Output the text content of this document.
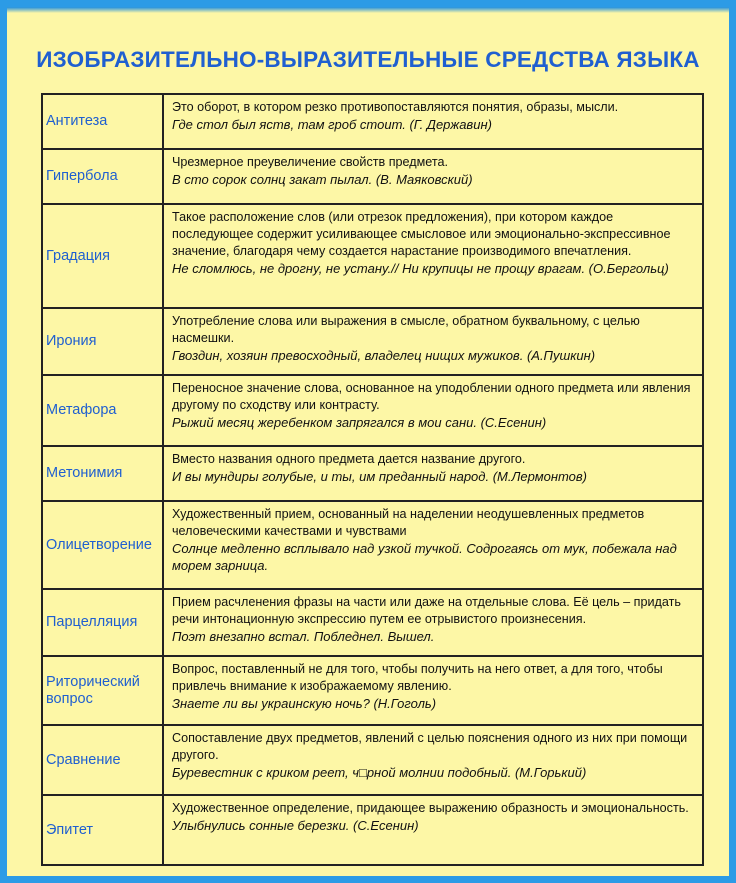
ИЗОБРАЗИТЕЛЬНО-ВЫРАЗИТЕЛЬНЫЕ СРЕДСТВА ЯЗЫКА
Антитеза
Это оборот, в котором резко противопоставляются понятия, образы, мысли.
Где стол был яств, там гроб стоит. (Г. Державин)
Гипербола
Чрезмерное преувеличение свойств предмета.
В сто сорок солнц закат пылал. (В. Маяковский)
Градация
Такое расположение слов (или отрезок предложения), при котором каждое последующее содержит усиливающее смысловое или эмоционально-экспрессивное значение, благодаря чему создается нарастание производимого впечатления.
Не сломлюсь, не дрогну, не устану.// Ни крупицы не прощу врагам. (О.Бергольц)
Ирония
Употребление слова или выражения в смысле, обратном буквальному, с целью насмешки.
Гвоздин, хозяин превосходный, владелец нищих мужиков. (А.Пушкин)
Метафора
Переносное значение слова, основанное на уподоблении одного предмета или явления другому по сходству или контрасту.
Рыжий месяц жеребенком запрягался в мои сани. (С.Есенин)
Метонимия
Вместо названия одного предмета дается название другого.
И вы мундиры голубые, и ты, им преданный народ. (М.Лермонтов)
Олицетворение
Художественный прием, основанный на наделении неодушевленных предметов человеческими качествами и чувствами
Солнце медленно всплывало над узкой тучкой. Содрогаясь от мук, побежала над морем зарница.
Парцелляция
Прием расчленения фразы на части или даже на отдельные слова. Её цель – придать речи интонационную экспрессию путем ее отрывистого произнесения.
Поэт внезапно встал. Побледнел. Вышел.
Риторический вопрос
Вопрос, поставленный не для того, чтобы получить на него ответ, а для того, чтобы привлечь внимание к изображаемому явлению.
Знаете ли вы украинскую ночь? (Н.Гоголь)
Сравнение
Сопоставление двух предметов, явлений с целью пояснения одного из них при помощи другого.
Буревестник с криком реет, ч□рной молнии подобный. (М.Горький)
Эпитет
Художественное определение, придающее выражению образность и эмоциональность.
Улыбнулись сонные березки. (С.Есенин)
